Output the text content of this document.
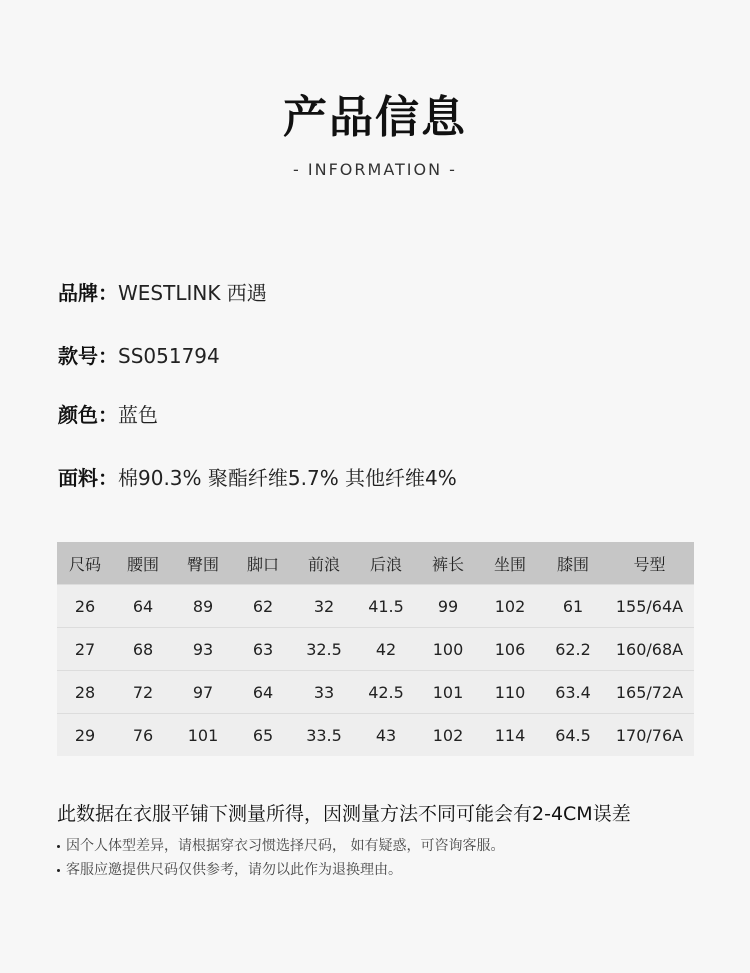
产品信息
- INFORMATION -
品牌：WESTLINK 西遇
款号：SS051794
颜色：蓝色
面料：棉90.3% 聚酯纤维5.7% 其他纤维4%
尺码	腰围	臀围	脚口	前浪	后浪	裤长	坐围	膝围	号型
26	64	89	62	32	41.5	99	102	61	155/64A
27	68	93	63	32.5	42	100	106	62.2	160/68A
28	72	97	64	33	42.5	101	110	63.4	165/72A
29	76	101	65	33.5	43	102	114	64.5	170/76A
此数据在衣服平铺下测量所得，因测量方法不同可能会有2-4CM误差
因个人体型差异，请根据穿衣习惯选择尺码， 如有疑惑，可咨询客服。
客服应邀提供尺码仅供参考，请勿以此作为退换理由。
